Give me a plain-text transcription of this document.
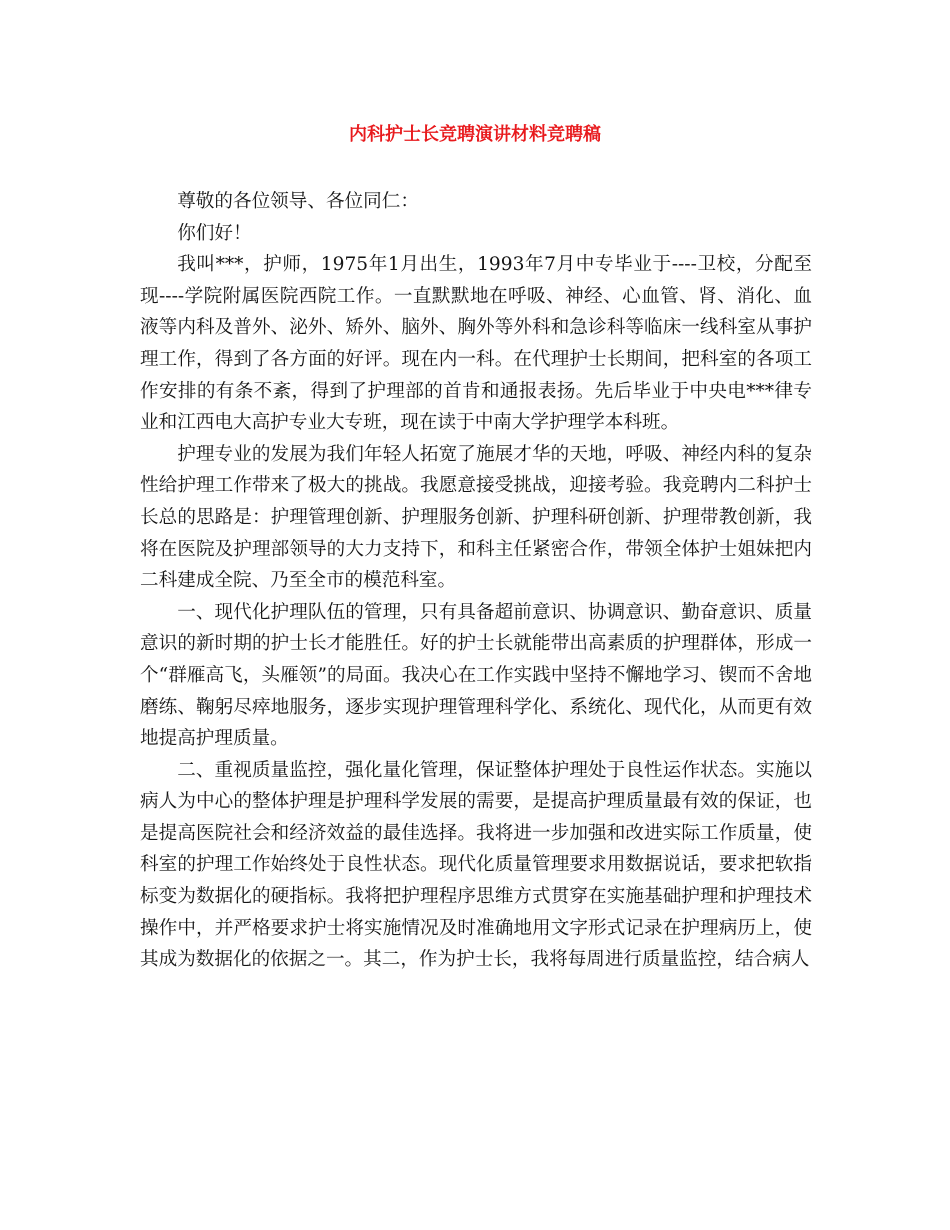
内科护士长竞聘演讲材料竞聘稿

尊敬的各位领导、各位同仁：

你们好！

我叫***，护师，1975年1月出生，1993年7月中专毕业于----卫校，分配至现----学院附属医院西院工作。一直默默地在呼吸、神经、心血管、肾、消化、血液等内科及普外、泌外、矫外、脑外、胸外等外科和急诊科等临床一线科室从事护理工作，得到了各方面的好评。现在内一科。在代理护士长期间，把科室的各项工作安排的有条不紊，得到了护理部的首肯和通报表扬。先后毕业于中央电***律专业和江西电大高护专业大专班，现在读于中南大学护理学本科班。

护理专业的发展为我们年轻人拓宽了施展才华的天地，呼吸、神经内科的复杂性给护理工作带来了极大的挑战。我愿意接受挑战，迎接考验。我竞聘内二科护士长总的思路是：护理管理创新、护理服务创新、护理科研创新、护理带教创新，我将在医院及护理部领导的大力支持下，和科主任紧密合作，带领全体护士姐妹把内二科建成全院、乃至全市的模范科室。

一、现代化护理队伍的管理，只有具备超前意识、协调意识、勤奋意识、质量意识的新时期的护士长才能胜任。好的护士长就能带出高素质的护理群体，形成一个“群雁高飞，头雁领”的局面。我决心在工作实践中坚持不懈地学习、锲而不舍地磨练、鞠躬尽瘁地服务，逐步实现护理管理科学化、系统化、现代化，从而更有效地提高护理质量。

二、重视质量监控，强化量化管理，保证整体护理处于良性运作状态。实施以病人为中心的整体护理是护理科学发展的需要，是提高护理质量最有效的保证，也是提高医院社会和经济效益的最佳选择。我将进一步加强和改进实际工作质量，使科室的护理工作始终处于良性状态。现代化质量管理要求用数据说话，要求把软指标变为数据化的硬指标。我将把护理程序思维方式贯穿在实施基础护理和护理技术操作中，并严格要求护士将实施情况及时准确地用文字形式记录在护理病历上，使其成为数据化的依据之一。其二，作为护士长，我将每周进行质量监控，结合病人
